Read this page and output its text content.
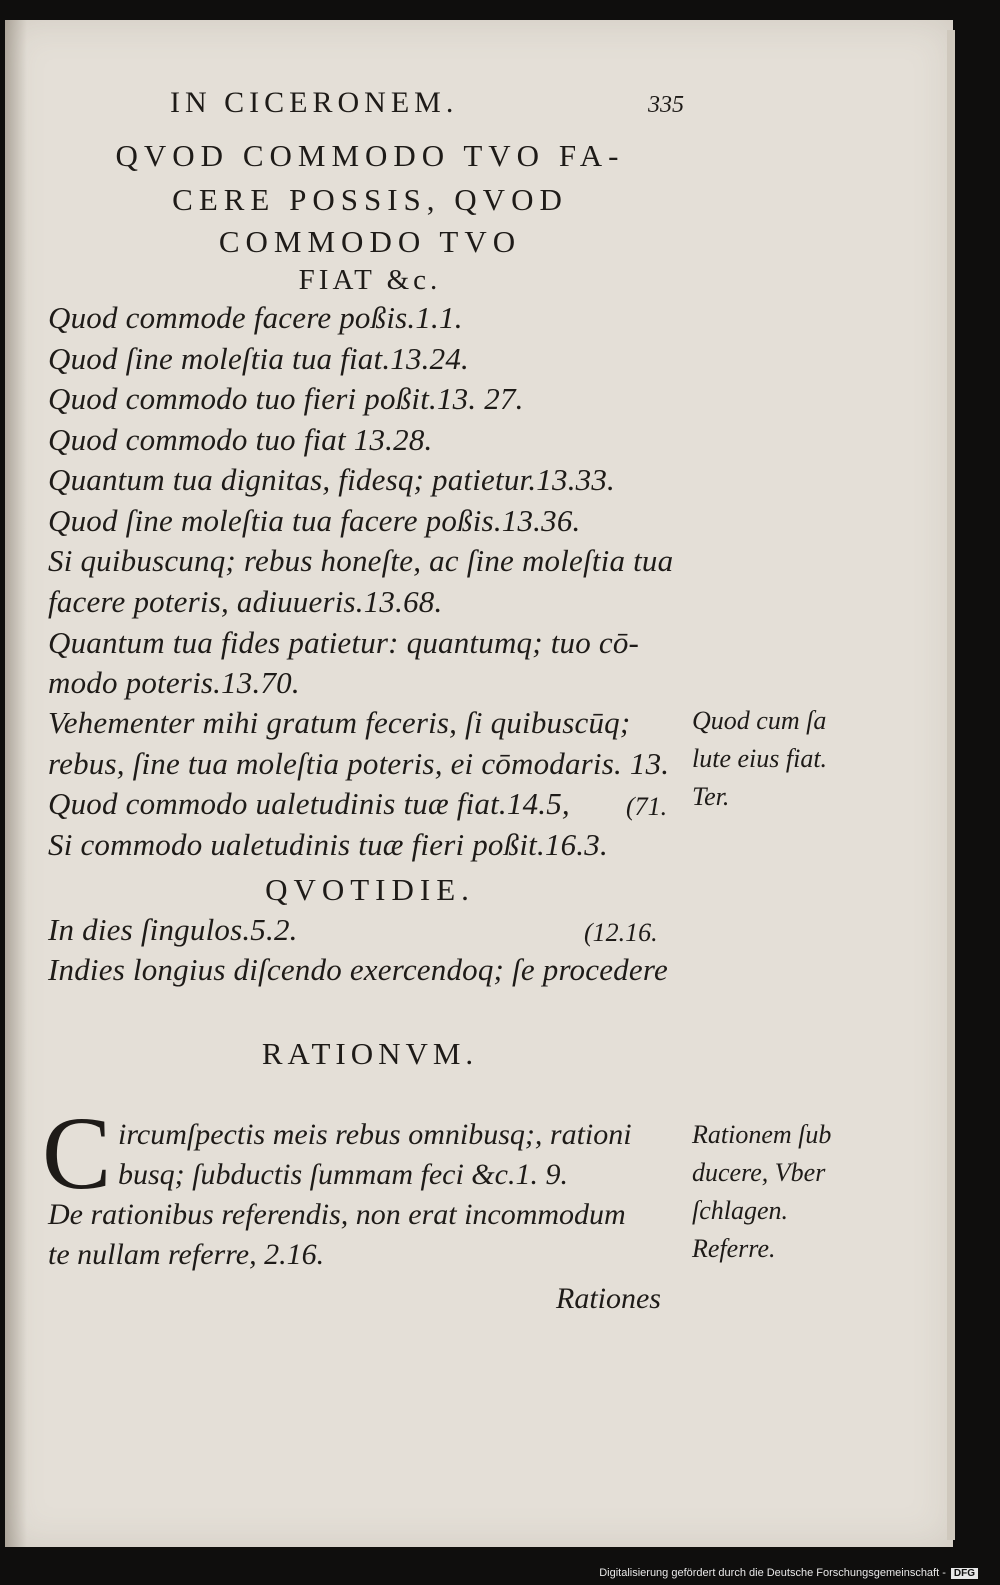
IN CICERONEM.	335
QVOD COMMODO TVO FA-
CERE POSSIS, QVOD
COMMODO TVO
FIAT &c.
Quod commode facere poßis.1.1.
Quod ſine moleſtia tua fiat.13.24.
Quod commodo tuo fieri poßit.13. 27.
Quod commodo tuo fiat 13.28.
Quantum tua dignitas, fidesq; patietur.13.33.
Quod ſine moleſtia tua facere poßis.13.36.
Si quibuscunq; rebus honeſte, ac ſine moleſtia tua
facere poteris, adiuueris.13.68.
Quantum tua fides patietur: quantumq; tuo cō-
modo poteris.13.70.
Vehementer mihi gratum feceris, ſi quibuscūq;
rebus, ſine tua moleſtia poteris, ei cōmodaris. 13.
Quod commodo ualetudinis tuæ fiat.14.5, (71.
Si commodo ualetudinis tuæ fieri poßit.16.3.
Quod cum ſa
lute eius fiat.
Ter.
QVOTIDIE.
In dies ſingulos.5.2.	(12.16.
Indies longius diſcendo exercendoq; ſe procedere
RATIONVM.
C ircumſpectis meis rebus omnibusq;, rationi
busq; ſubductis ſummam feci &c.1. 9.
De rationibus referendis, non erat incommodum
te nullam referre, 2.16.
Rationem ſub
ducere, Vber
ſchlagen.
Referre.
Rationes
Digitalisierung gefördert durch die Deutsche Forschungsgemeinschaft - DFG
